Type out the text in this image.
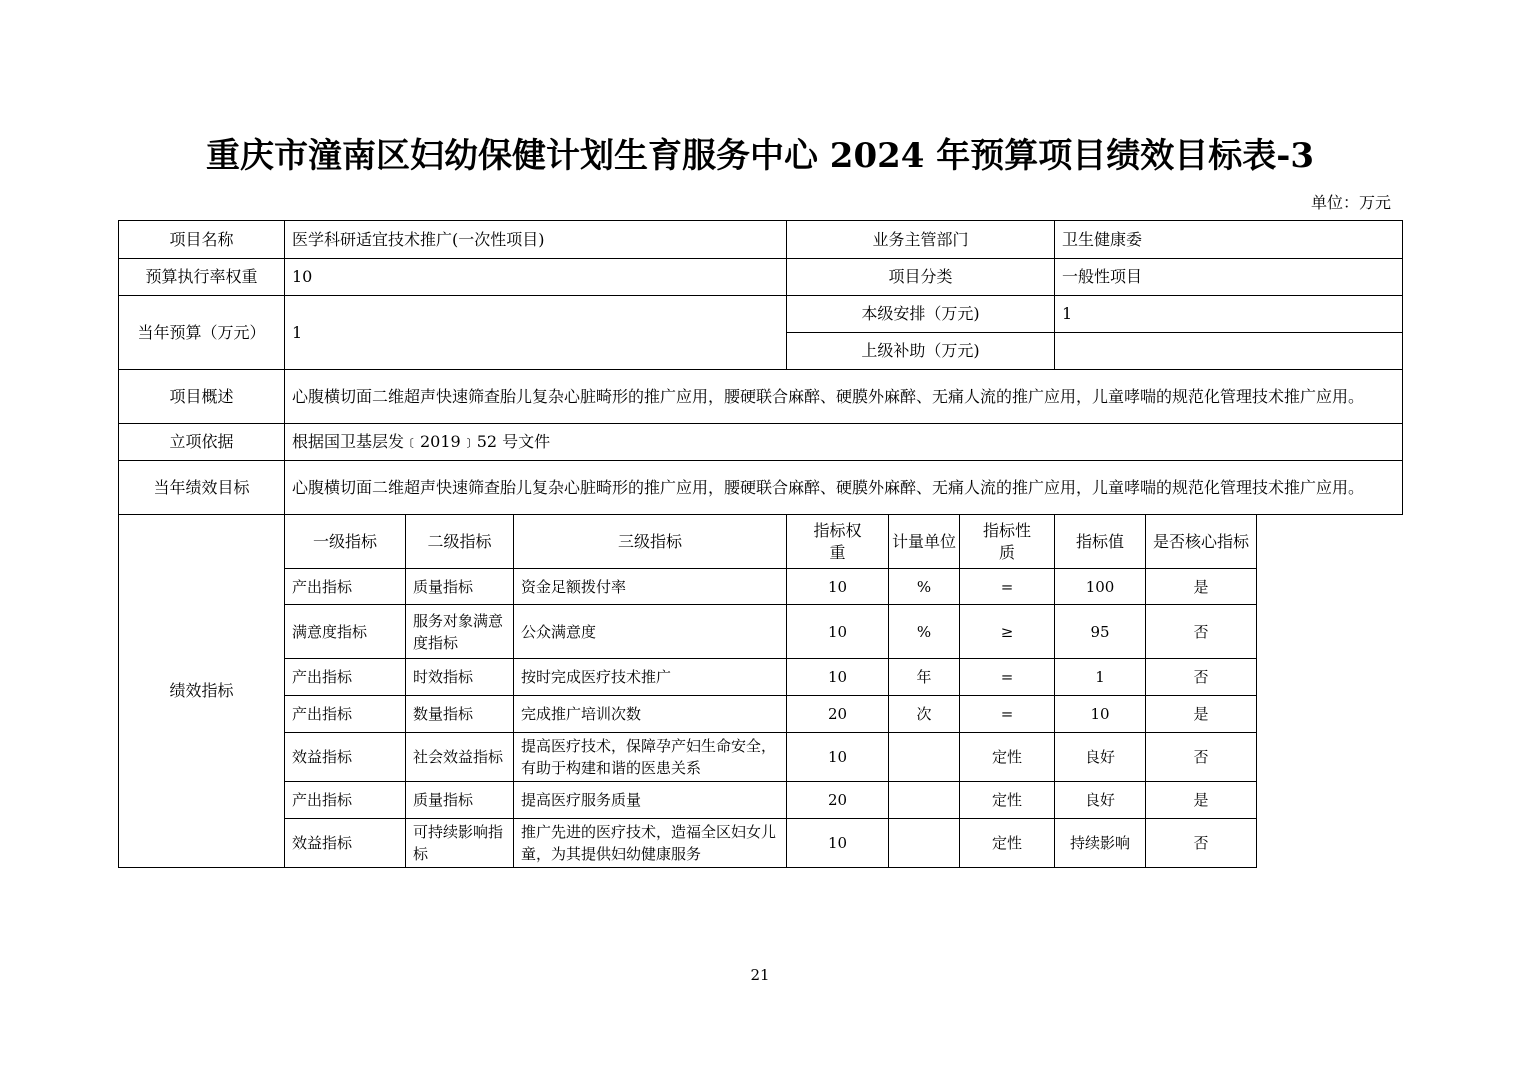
重庆市潼南区妇幼保健计划生育服务中心 2024 年预算项目绩效目标表-3
单位：万元
项目名称	医学科研适宜技术推广(一次性项目)			业务主管部门			卫生健康委	
预算执行率权重	10			项目分类			一般性项目	
当年预算（万元）	1			本级安排（万元)			1	
				上级补助（万元)				
项目概述	心腹横切面二维超声快速筛查胎儿复杂心脏畸形的推广应用，腰硬联合麻醉、硬膜外麻醉、无痛人流的推广应用，儿童哮喘的规范化管理技术推广应用。							
立项依据	根据国卫基层发﹝2019﹞52 号文件							
当年绩效目标	心腹横切面二维超声快速筛查胎儿复杂心脏畸形的推广应用，腰硬联合麻醉、硬膜外麻醉、无痛人流的推广应用，儿童哮喘的规范化管理技术推广应用。							
绩效指标	一级指标	二级指标	三级指标	指标权重	计量单位	指标性质	指标值	是否核心指标
	产出指标	质量指标	资金足额拨付率	10	%	=	100	是
	满意度指标	服务对象满意度指标	公众满意度	10	%	≥	95	否
	产出指标	时效指标	按时完成医疗技术推广	10	年	=	1	否
	产出指标	数量指标	完成推广培训次数	20	次	=	10	是
	效益指标	社会效益指标	提高医疗技术，保障孕产妇生命安全，有助于构建和谐的医患关系	10		定性	良好	否
	产出指标	质量指标	提高医疗服务质量	20		定性	良好	是
	效益指标	可持续影响指标	推广先进的医疗技术，造福全区妇女儿童，为其提供妇幼健康服务	10		定性	持续影响	否
21
